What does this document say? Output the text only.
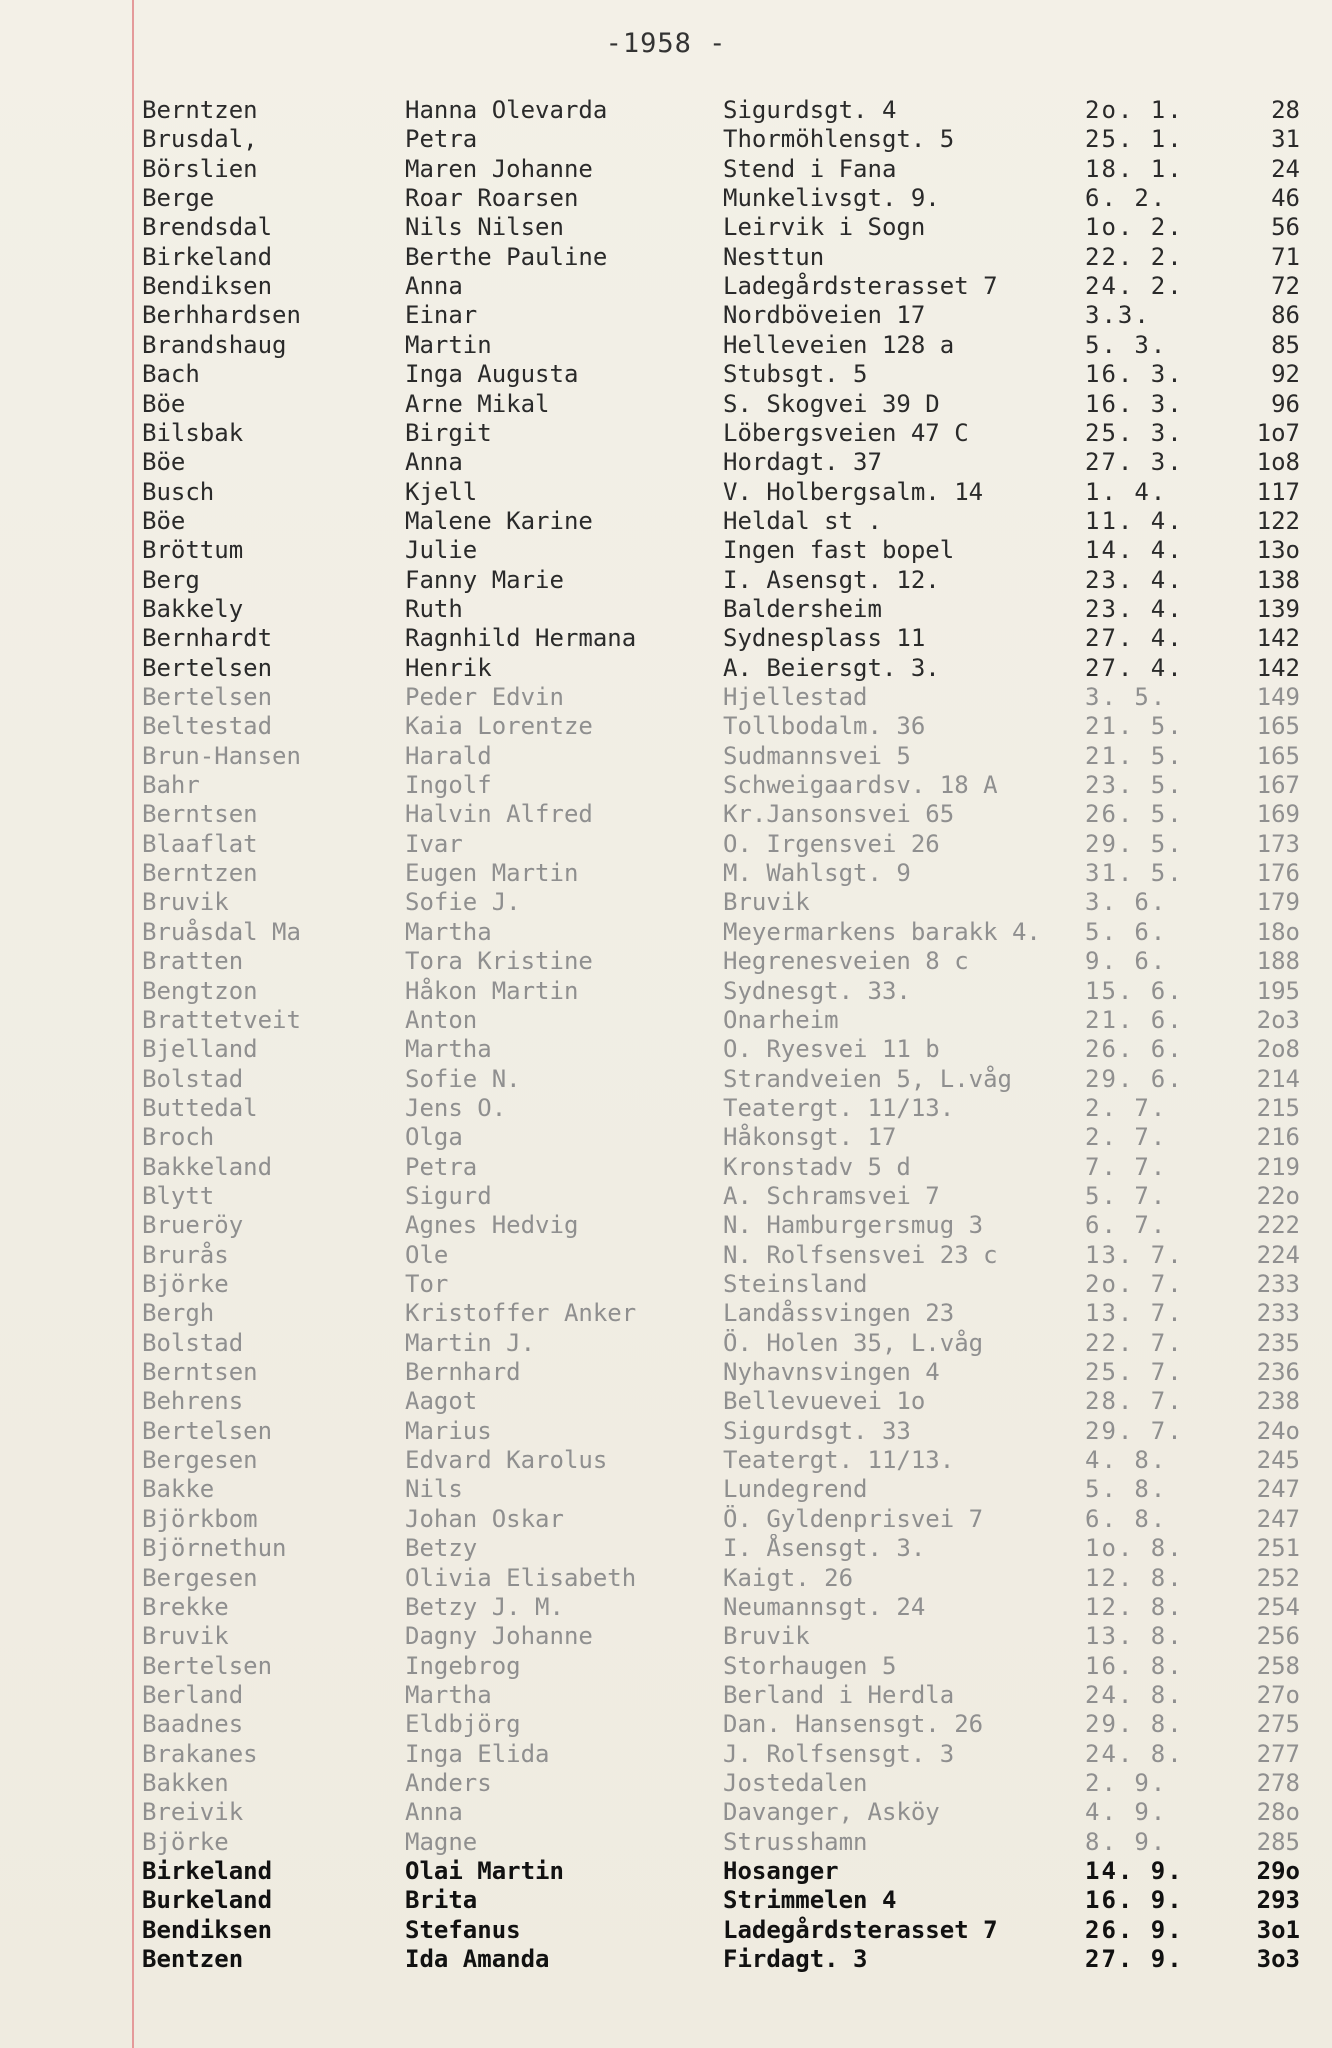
-1958 -
Berntzen	Hanna Olevarda	Sigurdsgt. 4	2o. 1.	28
Brusdal,	Petra	Thormöhlensgt. 5	25. 1.	31
Börslien	Maren Johanne	Stend i Fana	18. 1.	24
Berge	Roar Roarsen	Munkelivsgt. 9.	6. 2.	46
Brendsdal	Nils Nilsen	Leirvik i Sogn	1o. 2.	56
Birkeland	Berthe Pauline	Nesttun	22. 2.	71
Bendiksen	Anna	Ladegårdsterasset 7	24. 2.	72
Berhhardsen	Einar	Nordböveien 17	3.3.	86
Brandshaug	Martin	Helleveien 128 a	5. 3.	85
Bach	Inga Augusta	Stubsgt. 5	16. 3.	92
Böe	Arne Mikal	S. Skogvei 39 D	16. 3.	96
Bilsbak	Birgit	Löbergsveien 47 C	25. 3.	1o7
Böe	Anna	Hordagt. 37	27. 3.	1o8
Busch	Kjell	V. Holbergsalm. 14	1. 4.	117
Böe	Malene Karine	Heldal st .	11. 4.	122
Bröttum	Julie	Ingen fast bopel	14. 4.	13o
Berg	Fanny Marie	I. Asensgt. 12.	23. 4.	138
Bakkely	Ruth	Baldersheim	23. 4.	139
Bernhardt	Ragnhild Hermana	Sydnesplass 11	27. 4.	142
Bertelsen	Henrik	A. Beiersgt. 3.	27. 4.	142
Bertelsen	Peder Edvin	Hjellestad	3. 5.	149
Beltestad	Kaia Lorentze	Tollbodalm. 36	21. 5.	165
Brun-Hansen	Harald	Sudmannsvei 5	21. 5.	165
Bahr	Ingolf	Schweigaardsv. 18 A	23. 5.	167
Berntsen	Halvin Alfred	Kr.Jansonsvei 65	26. 5.	169
Blaaflat	Ivar	O. Irgensvei 26	29. 5.	173
Berntzen	Eugen Martin	M. Wahlsgt. 9	31. 5.	176
Bruvik	Sofie J.	Bruvik	3. 6.	179
Bruåsdal Ma	Martha	Meyermarkens barakk 4.	5. 6.	18o
Bratten	Tora Kristine	Hegrenesveien 8 c	9. 6.	188
Bengtzon	Håkon Martin	Sydnesgt. 33.	15. 6.	195
Brattetveit	Anton	Onarheim	21. 6.	2o3
Bjelland	Martha	O. Ryesvei 11 b	26. 6.	2o8
Bolstad	Sofie N.	Strandveien 5, L.våg	29. 6.	214
Buttedal	Jens O.	Teatergt. 11/13.	2. 7.	215
Broch	Olga	Håkonsgt. 17	2. 7.	216
Bakkeland	Petra	Kronstadv 5 d	7. 7.	219
Blytt	Sigurd	A. Schramsvei 7	5. 7.	22o
Brueröy	Agnes Hedvig	N. Hamburgersmug 3	6. 7.	222
Brurås	Ole	N. Rolfsensvei 23 c	13. 7.	224
Björke	Tor	Steinsland	2o. 7.	233
Bergh	Kristoffer Anker	Landåssvingen 23	13. 7.	233
Bolstad	Martin J.	Ö. Holen 35, L.våg	22. 7.	235
Berntsen	Bernhard	Nyhavnsvingen 4	25. 7.	236
Behrens	Aagot	Bellevuevei 1o	28. 7.	238
Bertelsen	Marius	Sigurdsgt. 33	29. 7.	24o
Bergesen	Edvard Karolus	Teatergt. 11/13.	4. 8.	245
Bakke	Nils	Lundegrend	5. 8.	247
Björkbom	Johan Oskar	Ö. Gyldenprisvei 7	6. 8.	247
Björnethun	Betzy	I. Åsensgt. 3.	1o. 8.	251
Bergesen	Olivia Elisabeth	Kaigt. 26	12. 8.	252
Brekke	Betzy J. M.	Neumannsgt. 24	12. 8.	254
Bruvik	Dagny Johanne	Bruvik	13. 8.	256
Bertelsen	Ingebrog	Storhaugen 5	16. 8.	258
Berland	Martha	Berland i Herdla	24. 8.	27o
Baadnes	Eldbjörg	Dan. Hansensgt. 26	29. 8.	275
Brakanes	Inga Elida	J. Rolfsensgt. 3	24. 8.	277
Bakken	Anders	Jostedalen	2. 9.	278
Breivik	Anna	Davanger, Asköy	4. 9.	28o
Björke	Magne	Strusshamn	8. 9.	285
Birkeland	Olai Martin	Hosanger	14. 9.	29o
Burkeland	Brita	Strimmelen 4	16. 9.	293
Bendiksen	Stefanus	Ladegårdsterasset 7	26. 9.	3o1
Bentzen	Ida Amanda	Firdagt. 3	27. 9.	3o3
